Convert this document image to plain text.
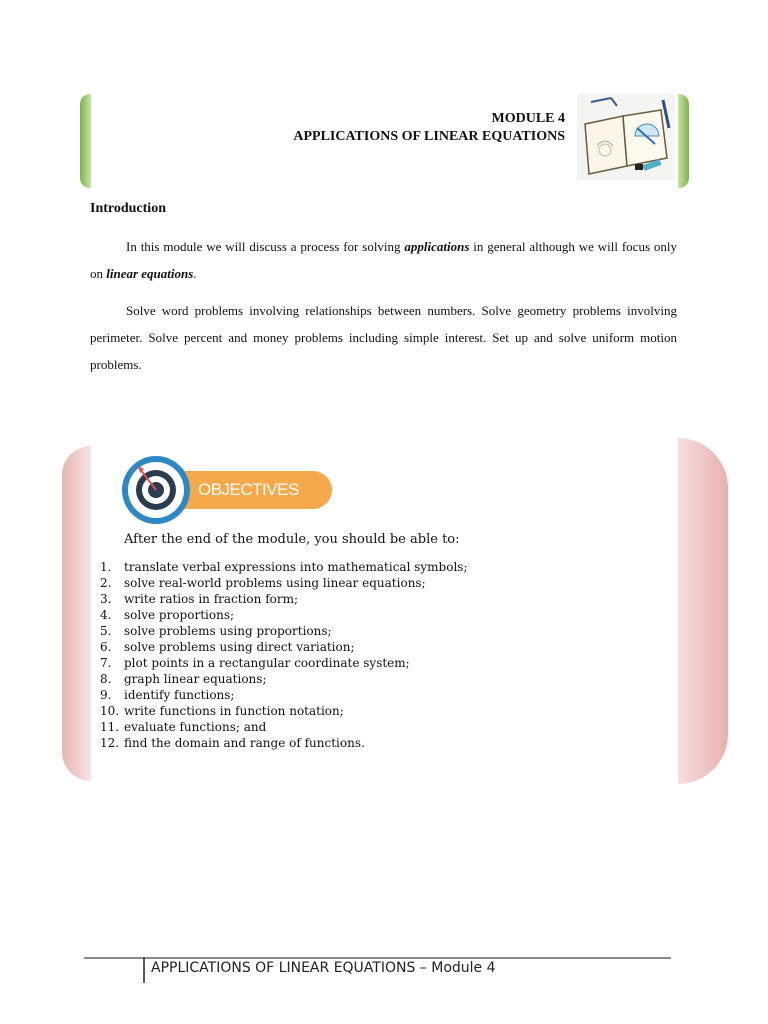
MODULE 4
APPLICATIONS OF LINEAR EQUATIONS
Introduction
In this module we will discuss a process for solving applications in general although we will focus only on linear equations.
Solve word problems involving relationships between numbers. Solve geometry problems involving perimeter. Solve percent and money problems including simple interest. Set up and solve uniform motion problems.
OBJECTIVES
After the end of the module, you should be able to:
1. translate verbal expressions into mathematical symbols;
2. solve real-world problems using linear equations;
3. write ratios in fraction form;
4. solve proportions;
5. solve problems using proportions;
6. solve problems using direct variation;
7. plot points in a rectangular coordinate system;
8. graph linear equations;
9. identify functions;
10. write functions in function notation;
11. evaluate functions; and
12. find the domain and range of functions.
APPLICATIONS OF LINEAR EQUATIONS – Module 4
